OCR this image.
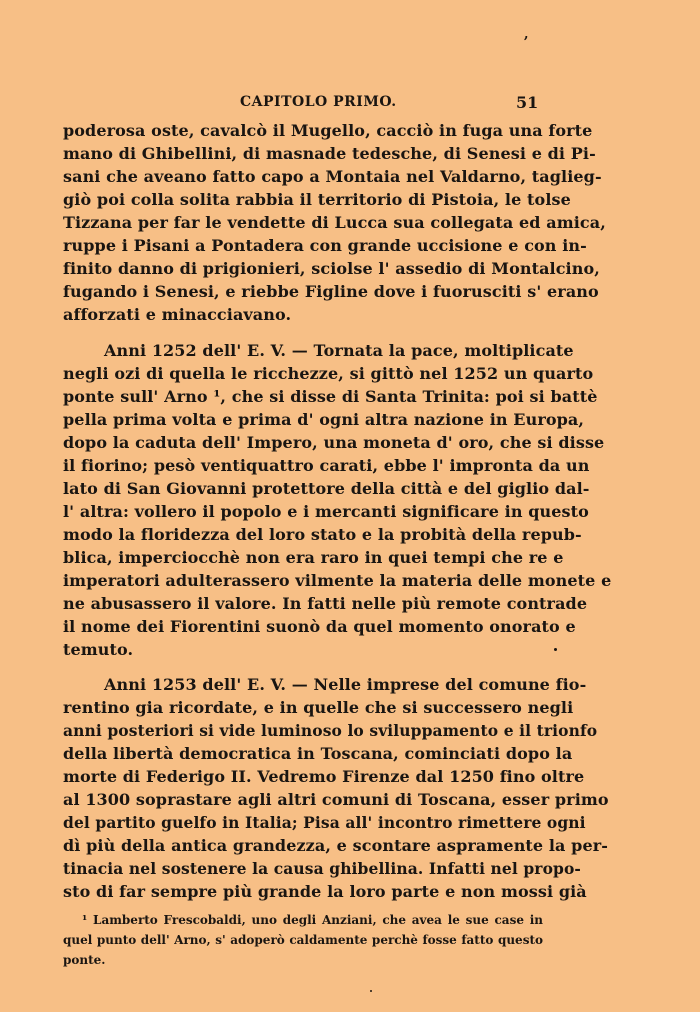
,
CAPITOLO PRIMO.	51
poderosa oste, cavalcò il Mugello, cacciò in fuga una forte
mano di Ghibellini, di masnade tedesche, di Senesi e di Pi-
sani che aveano fatto capo a Montaia nel Valdarno, taglieg-
giò poi colla solita rabbia il territorio di Pistoia, le tolse
Tizzana per far le vendette di Lucca sua collegata ed amica,
ruppe i Pisani a Pontadera con grande uccisione e con in-
finito danno di prigionieri, sciolse l' assedio di Montalcino,
fugando i Senesi, e riebbe Figline dove i fuorusciti s' erano
afforzati e minacciavano.
Anni 1252 dell' E. V. — Tornata la pace, moltiplicate
negli ozi di quella le ricchezze, si gittò nel 1252 un quarto
ponte sull' Arno ¹, che si disse di Santa Trinita: poi si battè
pella prima volta e prima d' ogni altra nazione in Europa,
dopo la caduta dell' Impero, una moneta d' oro, che si disse
il fiorino; pesò ventiquattro carati, ebbe l' impronta da un
lato di San Giovanni protettore della città e del giglio dal-
l' altra: vollero il popolo e i mercanti significare in questo
modo la floridezza del loro stato e la probità della repub-
blica, imperciocchè non era raro in quei tempi che re e
imperatori adulterassero vilmente la materia delle monete e
ne abusassero il valore. In fatti nelle più remote contrade
il nome dei Fiorentini suonò da quel momento onorato e
temuto.
Anni 1253 dell' E. V. — Nelle imprese del comune fio-
rentino gia ricordate, e in quelle che si successero negli
anni posteriori si vide luminoso lo sviluppamento e il trionfo
della libertà democratica in Toscana, cominciati dopo la
morte di Federigo II. Vedremo Firenze dal 1250 fino oltre
al 1300 soprastare agli altri comuni di Toscana, esser primo
del partito guelfo in Italia; Pisa all' incontro rimettere ogni
dì più della antica grandezza, e scontare aspramente la per-
tinacia nel sostenere la causa ghibellina. Infatti nel propo-
sto di far sempre più grande la loro parte e non mossi già
¹ Lamberto Frescobaldi, uno degli Anziani, che avea le sue case in
quel punto dell' Arno, s' adoperò caldamente perchè fosse fatto questo
ponte.
